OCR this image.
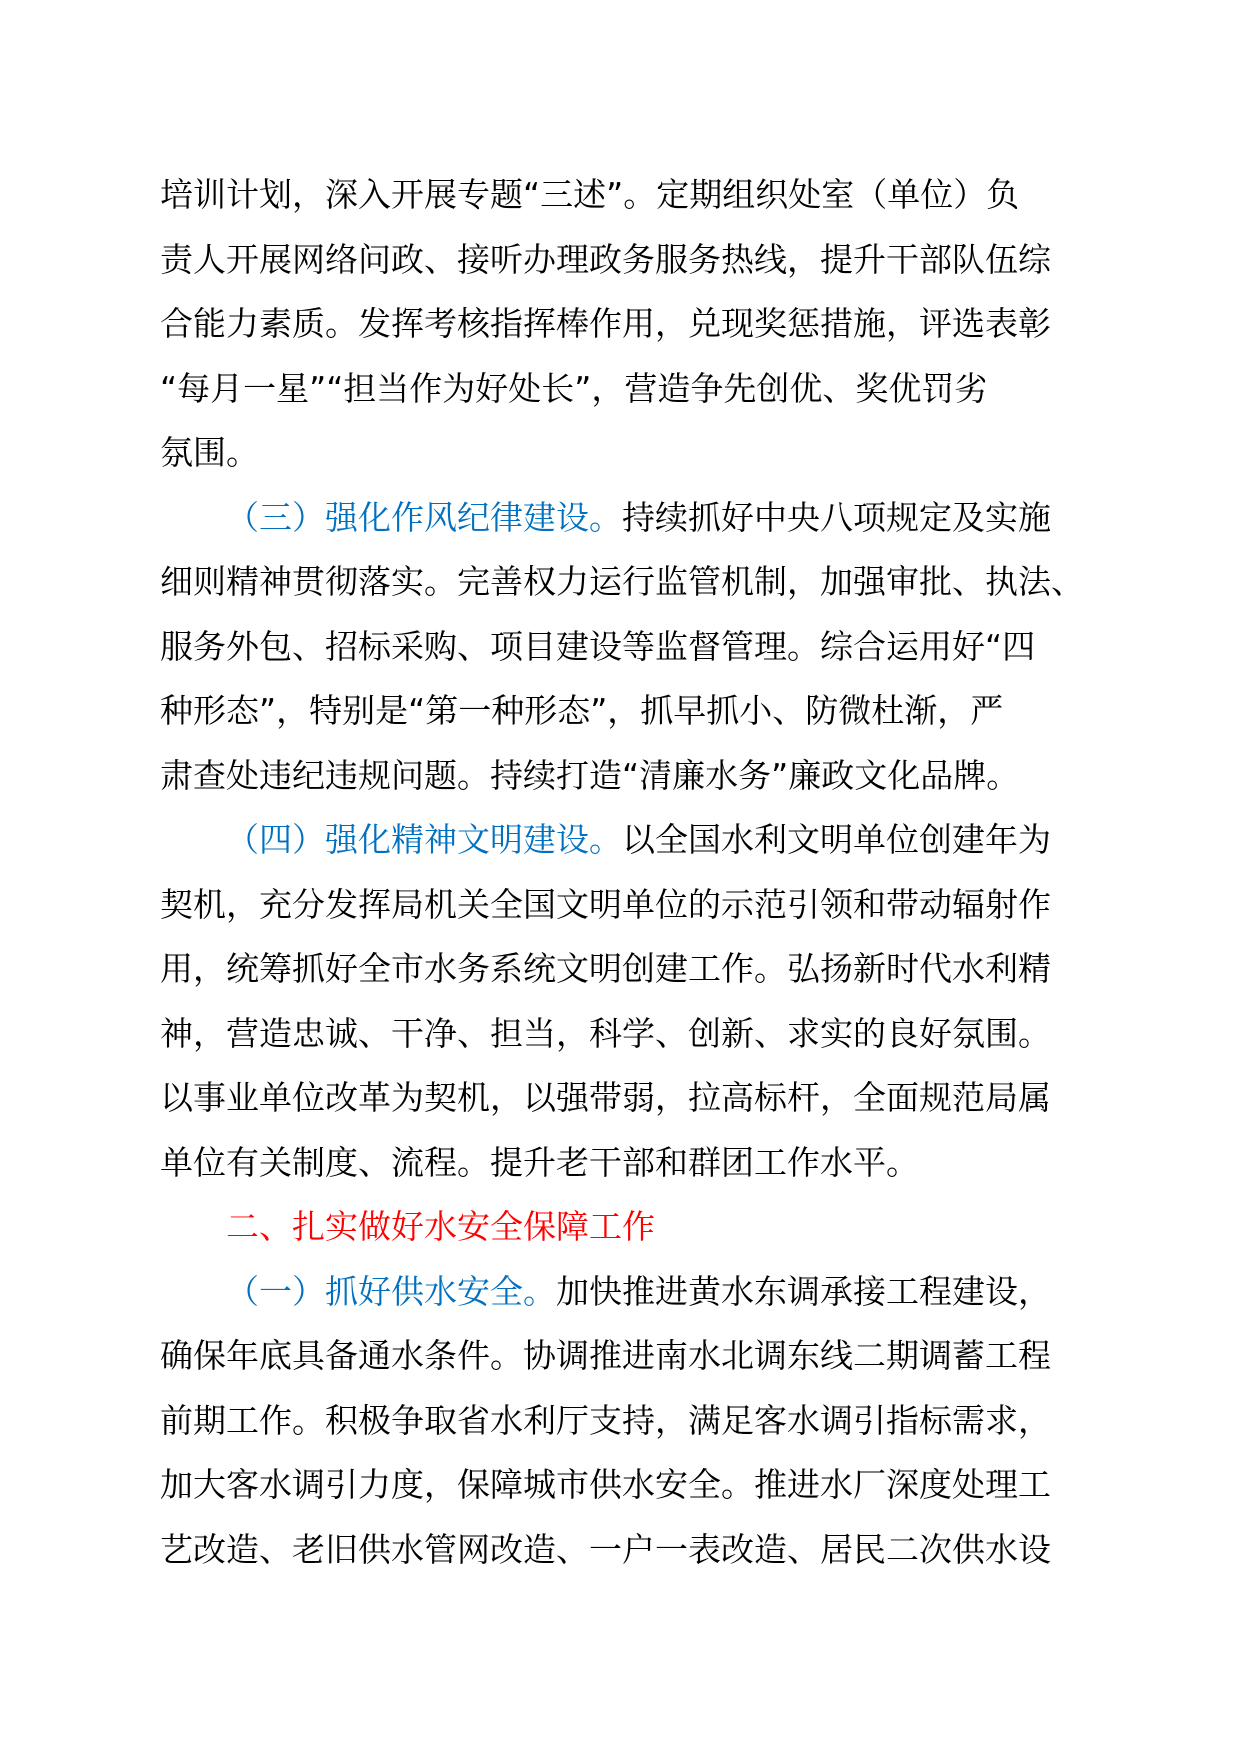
培训计划，深入开展专题“三述”。定期组织处室（单位）负
责人开展网络问政、接听办理政务服务热线，提升干部队伍综
合能力素质。发挥考核指挥棒作用，兑现奖惩措施，评选表彰
“每月一星”“担当作为好处长”，营造争先创优、奖优罚劣
氛围。
（三）强化作风纪律建设。持续抓好中央八项规定及实施
细则精神贯彻落实。完善权力运行监管机制，加强审批、执法、
服务外包、招标采购、项目建设等监督管理。综合运用好“四
种形态”，特别是“第一种形态”，抓早抓小、防微杜渐，严
肃查处违纪违规问题。持续打造“清廉水务”廉政文化品牌。
（四）强化精神文明建设。以全国水利文明单位创建年为
契机，充分发挥局机关全国文明单位的示范引领和带动辐射作
用，统筹抓好全市水务系统文明创建工作。弘扬新时代水利精
神，营造忠诚、干净、担当，科学、创新、求实的良好氛围。
以事业单位改革为契机，以强带弱，拉高标杆，全面规范局属
单位有关制度、流程。提升老干部和群团工作水平。
二、扎实做好水安全保障工作
（一）抓好供水安全。加快推进黄水东调承接工程建设，
确保年底具备通水条件。协调推进南水北调东线二期调蓄工程
前期工作。积极争取省水利厅支持，满足客水调引指标需求，
加大客水调引力度，保障城市供水安全。推进水厂深度处理工
艺改造、老旧供水管网改造、一户一表改造、居民二次供水设
